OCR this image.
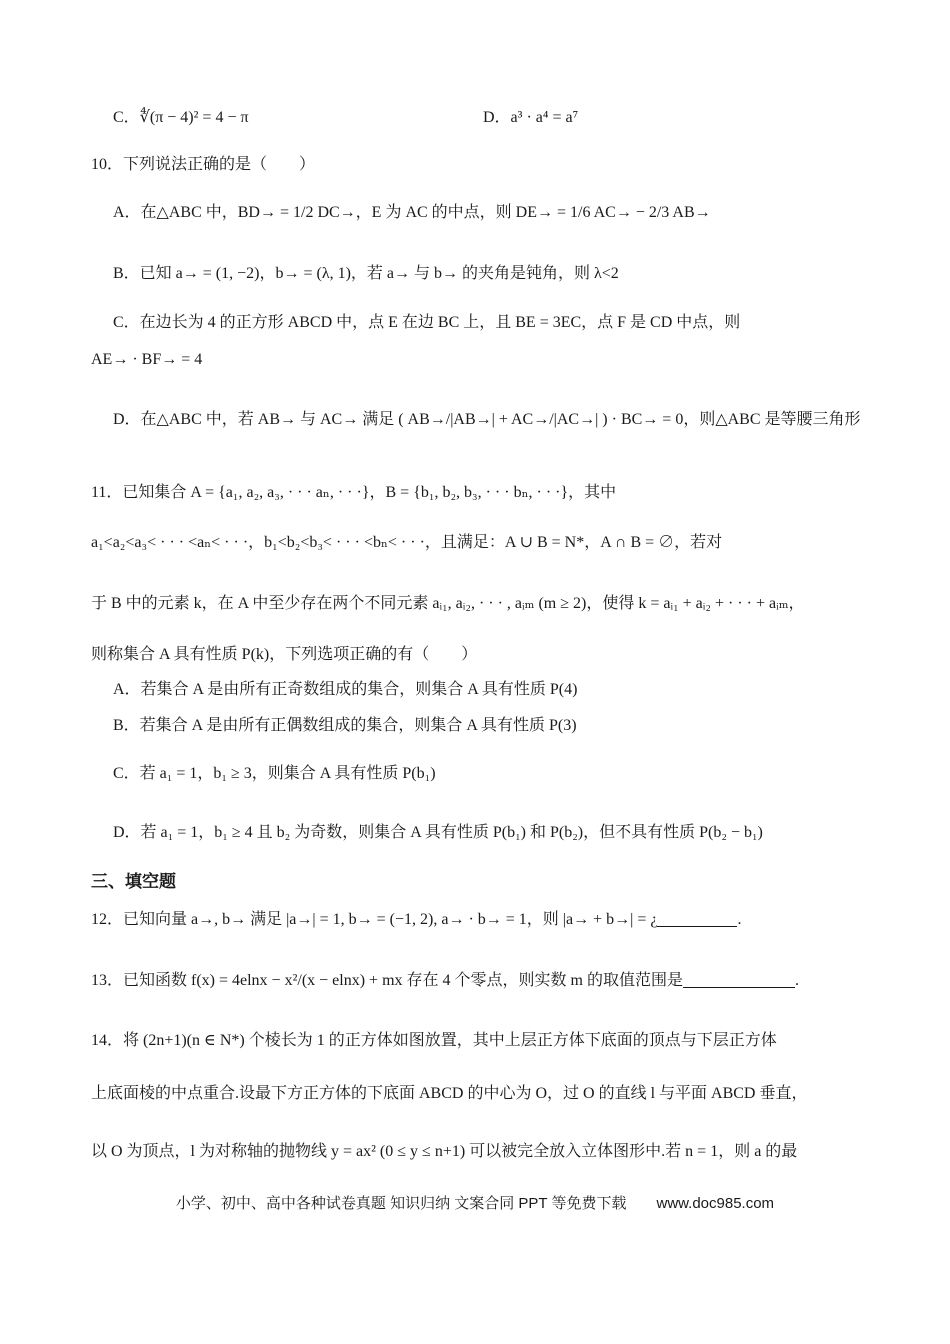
C．∜(π − 4)² = 4 − π	D．a³ · a⁴ = a⁷
10．下列说法正确的是（　　）
A．在△ABC 中，BD→ = 1/2 DC→，E 为 AC 的中点，则 DE→ = 1/6 AC→ − 2/3 AB→
B．已知 a→ = (1, −2)，b→ = (λ, 1)，若 a→ 与 b→ 的夹角是钝角，则 λ<2
C．在边长为 4 的正方形 ABCD 中，点 E 在边 BC 上，且 BE = 3EC，点 F 是 CD 中点，则
AE→ · BF→ = 4
D．在△ABC 中，若 AB→ 与 AC→ 满足 ( AB→/|AB→| + AC→/|AC→| ) · BC→ = 0，则△ABC 是等腰三角形
11．已知集合 A = {a₁, a₂, a₃, · · · aₙ, · · ·}，B = {b₁, b₂, b₃, · · · bₙ, · · ·}，其中
a₁<a₂<a₃< · · · <aₙ< · · ·，b₁<b₂<b₃< · · · <bₙ< · · ·，且满足：A ∪ B = N*，A ∩ B = ∅，若对
于 B 中的元素 k，在 A 中至少存在两个不同元素 aᵢ₁, aᵢ₂, · · · , aᵢₘ (m ≥ 2)，使得 k = aᵢ₁ + aᵢ₂ + · · · + aᵢₘ，
则称集合 A 具有性质 P(k)，下列选项正确的有（　　）
A．若集合 A 是由所有正奇数组成的集合，则集合 A 具有性质 P(4)
B．若集合 A 是由所有正偶数组成的集合，则集合 A 具有性质 P(3)
C．若 a₁ = 1，b₁ ≥ 3，则集合 A 具有性质 P(b₁)
D．若 a₁ = 1，b₁ ≥ 4 且 b₂ 为奇数，则集合 A 具有性质 P(b₁) 和 P(b₂)，但不具有性质 P(b₂ − b₁)
三、填空题
12．已知向量 a→, b→ 满足 |a→| = 1, b→ = (−1, 2), a→ · b→ = 1，则 |a→ + b→| = ¿	.
13．已知函数 f(x) = 4elnx − x²/(x − elnx) + mx 存在 4 个零点，则实数 m 的取值范围是	.
14．将 (2n+1)(n ∈ N*) 个棱长为 1 的正方体如图放置，其中上层正方体下底面的顶点与下层正方体
上底面棱的中点重合.设最下方正方体的下底面 ABCD 的中心为 O，过 O 的直线 l 与平面 ABCD 垂直，
以 O 为顶点，l 为对称轴的抛物线 y = ax² (0 ≤ y ≤ n+1) 可以被完全放入立体图形中.若 n = 1，则 a 的最
小学、初中、高中各种试卷真题 知识归纳 文案合同 PPT 等免费下载 www.doc985.com
